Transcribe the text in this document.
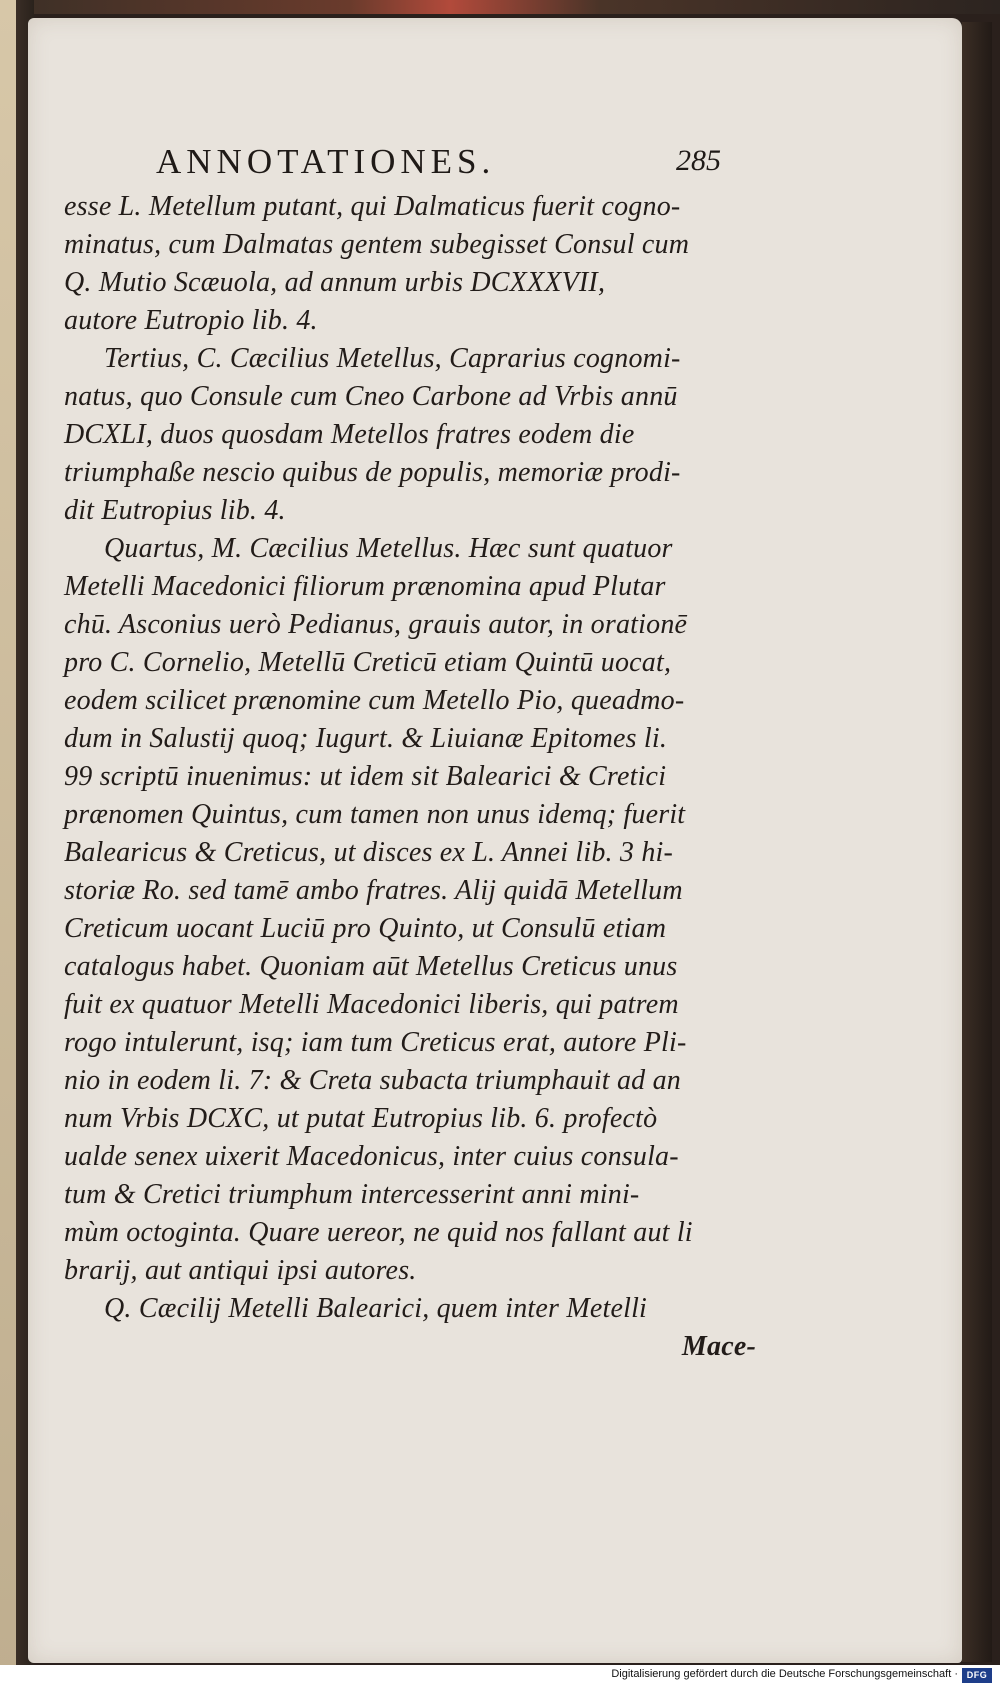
ANNOTATIONES.	285
esse L. Metellum putant, qui Dalmaticus fuerit cogno-
minatus, cum Dalmatas gentem subegisset Consul cum
Q. Mutio Scæuola, ad annum urbis DCXXXVII,
autore Eutropio lib. 4.
Tertius, C. Cæcilius Metellus, Caprarius cognomi-
natus, quo Consule cum Cneo Carbone ad Vrbis annū
DCXLI, duos quosdam Metellos fratres eodem die
triumphaße nescio quibus de populis, memoriæ prodi-
dit Eutropius lib. 4.
Quartus, M. Cæcilius Metellus. Hæc sunt quatuor
Metelli Macedonici filiorum prænomina apud Plutar
chū. Asconius uerò Pedianus, grauis autor, in orationē
pro C. Cornelio, Metellū Creticū etiam Quintū uocat,
eodem scilicet prænomine cum Metello Pio, queadmo-
dum in Salustij quoq; Iugurt. & Liuianæ Epitomes li.
99 scriptū inuenimus: ut idem sit Balearici & Cretici
prænomen Quintus, cum tamen non unus idemq; fuerit
Balearicus & Creticus, ut disces ex L. Annei lib. 3 hi-
storiæ Ro. sed tamē ambo fratres. Alij quidā Metellum
Creticum uocant Luciū pro Quinto, ut Consulū etiam
catalogus habet. Quoniam aūt Metellus Creticus unus
fuit ex quatuor Metelli Macedonici liberis, qui patrem
rogo intulerunt, isq; iam tum Creticus erat, autore Pli-
nio in eodem li. 7: & Creta subacta triumphauit ad an
num Vrbis DCXC, ut putat Eutropius lib. 6. profectò
ualde senex uixerit Macedonicus, inter cuius consula-
tum & Cretici triumphum intercesserint anni mini-
mùm octoginta. Quare uereor, ne quid nos fallant aut li
brarij, aut antiqui ipsi autores.
Q. Cæcilij Metelli Balearici, quem inter Metelli
Mace-
Digitalisierung gefördert durch die Deutsche Forschungsgemeinschaft · DFG
